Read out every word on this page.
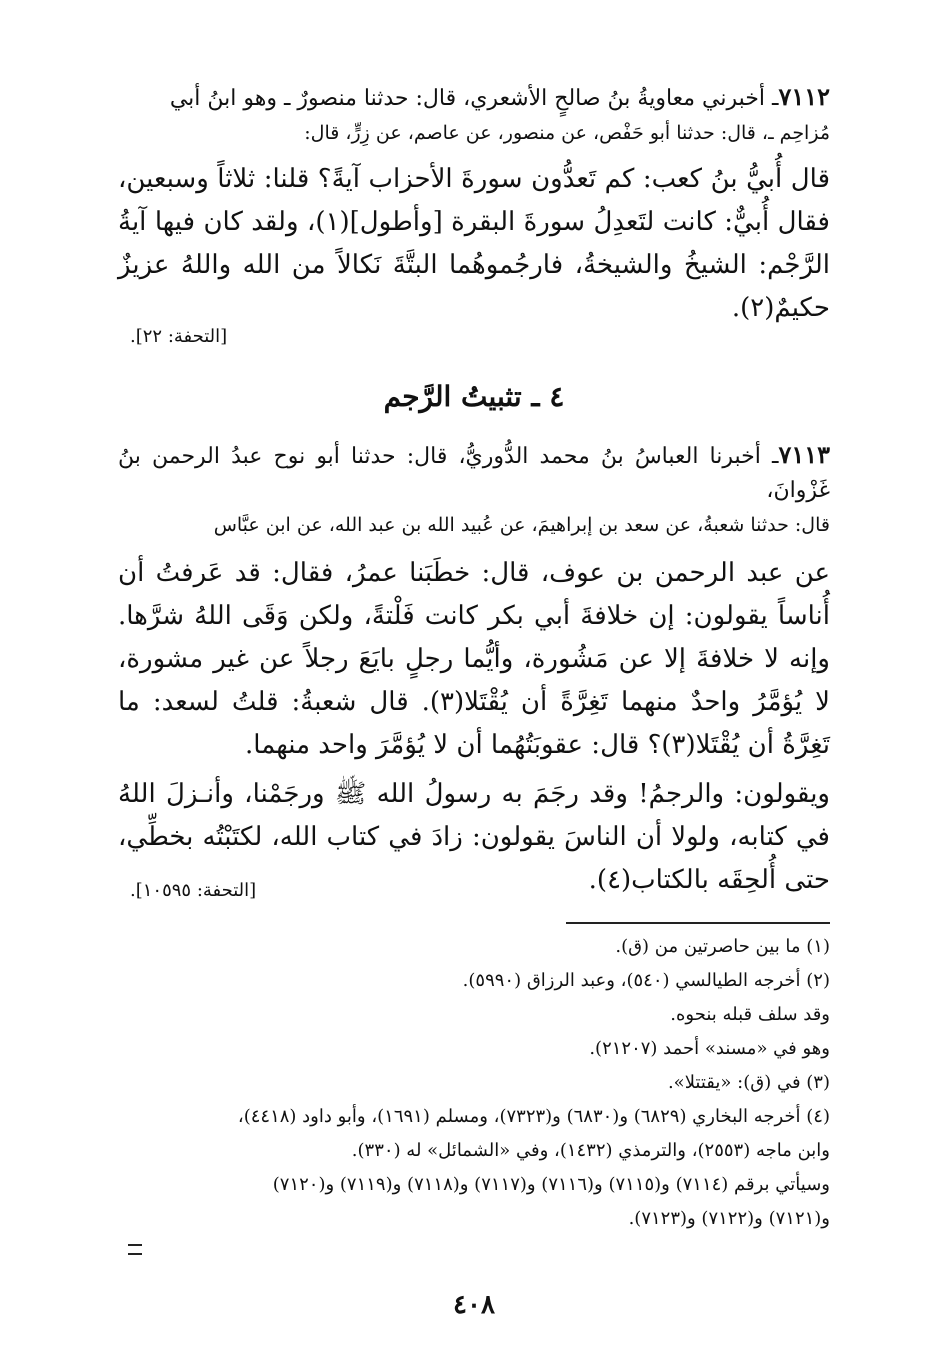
٧١١٢ـ أخبرني معاويةُ بنُ صالحٍ الأشعري، قال: حدثنا منصورٌ ـ وهو ابنُ أبي
مُزاحِم ـ، قال: حدثنا أبو حَفْص، عن منصور، عن عاصم، عن زِرٍّ، قال:

قال أُبيُّ بنُ كعب: كم تَعدُّون سورةَ الأحزاب آيةً؟ قلنا: ثلاثاً وسبعين، فقال أُبيٌّ: كانت لتَعدِلُ سورةَ البقرة [وأطول](١)، ولقد كان فيها آيةُ الرَّجْم: الشيخُ والشيخةُ، فارجُموهُما البتَّةَ نَكالاً من الله واللهُ عزيزٌ حكيمٌ(٢).

[التحفة: ٢٢].
٤ ـ تثبيتُ الرَّجم
٧١١٣ـ أخبرنا العباسُ بنُ محمد الدُّوريُّ، قال: حدثنا أبو نوح عبدُ الرحمن بنُ غَزْوانَ،
قال: حدثنا شعبةُ، عن سعد بن إبراهيمَ، عن عُبيد الله بن عبد الله، عن ابن عبَّاس

عن عبد الرحمن بن عوف، قال: خطَبَنا عمرُ، فقال: قد عَرفتُ أن أُناساً يقولون: إن خلافةَ أبي بكر كانت فَلْتةً، ولكن وَقَى اللهُ شرَّها. وإنه لا خلافةَ إلا عن مَشُورة، وأيُّما رجلٍ بايَعَ رجلاً عن غير مشورة، لا يُؤمَّرُ واحدٌ منهما تَغِرَّةً أن يُقْتَلا(٣). قال شعبةُ: قلتُ لسعد: ما تَغِرَّةُ أن يُقْتَلا(٣)؟ قال: عقوبَتُهُما أن لا يُؤمَّرَ واحد منهما.

ويقولون: والرجمُ! وقد رجَمَ به رسولُ الله ﷺ ورجَمْنا، وأنـزلَ اللهُ في كتابه، ولولا أن الناسَ يقولون: زادَ في كتاب الله، لكتَبْتُه بخطِّي، حتى أُلحِقَه بالكتاب(٤).

[التحفة: ١٠٥٩٥].
(١) ما بين حاصرتين من (ق).
(٢) أخرجه الطيالسي (٥٤٠)، وعبد الرزاق (٥٩٩٠).
وقد سلف قبله بنحوه.
وهو في «مسند» أحمد (٢١٢٠٧).
(٣) في (ق): «يقتتلا».
(٤) أخرجه البخاري (٦٨٢٩) و(٦٨٣٠) و(٧٣٢٣)، ومسلم (١٦٩١)، وأبو داود (٤٤١٨)،
وابن ماجه (٢٥٥٣)، والترمذي (١٤٣٢)، وفي «الشمائل» له (٣٣٠).
وسيأتي برقم (٧١١٤) و(٧١١٥) و(٧١١٦) و(٧١١٧) و(٧١١٨) و(٧١١٩) و(٧١٢٠)
و(٧١٢١) و(٧١٢٢) و(٧١٢٣).
٤٠٨
